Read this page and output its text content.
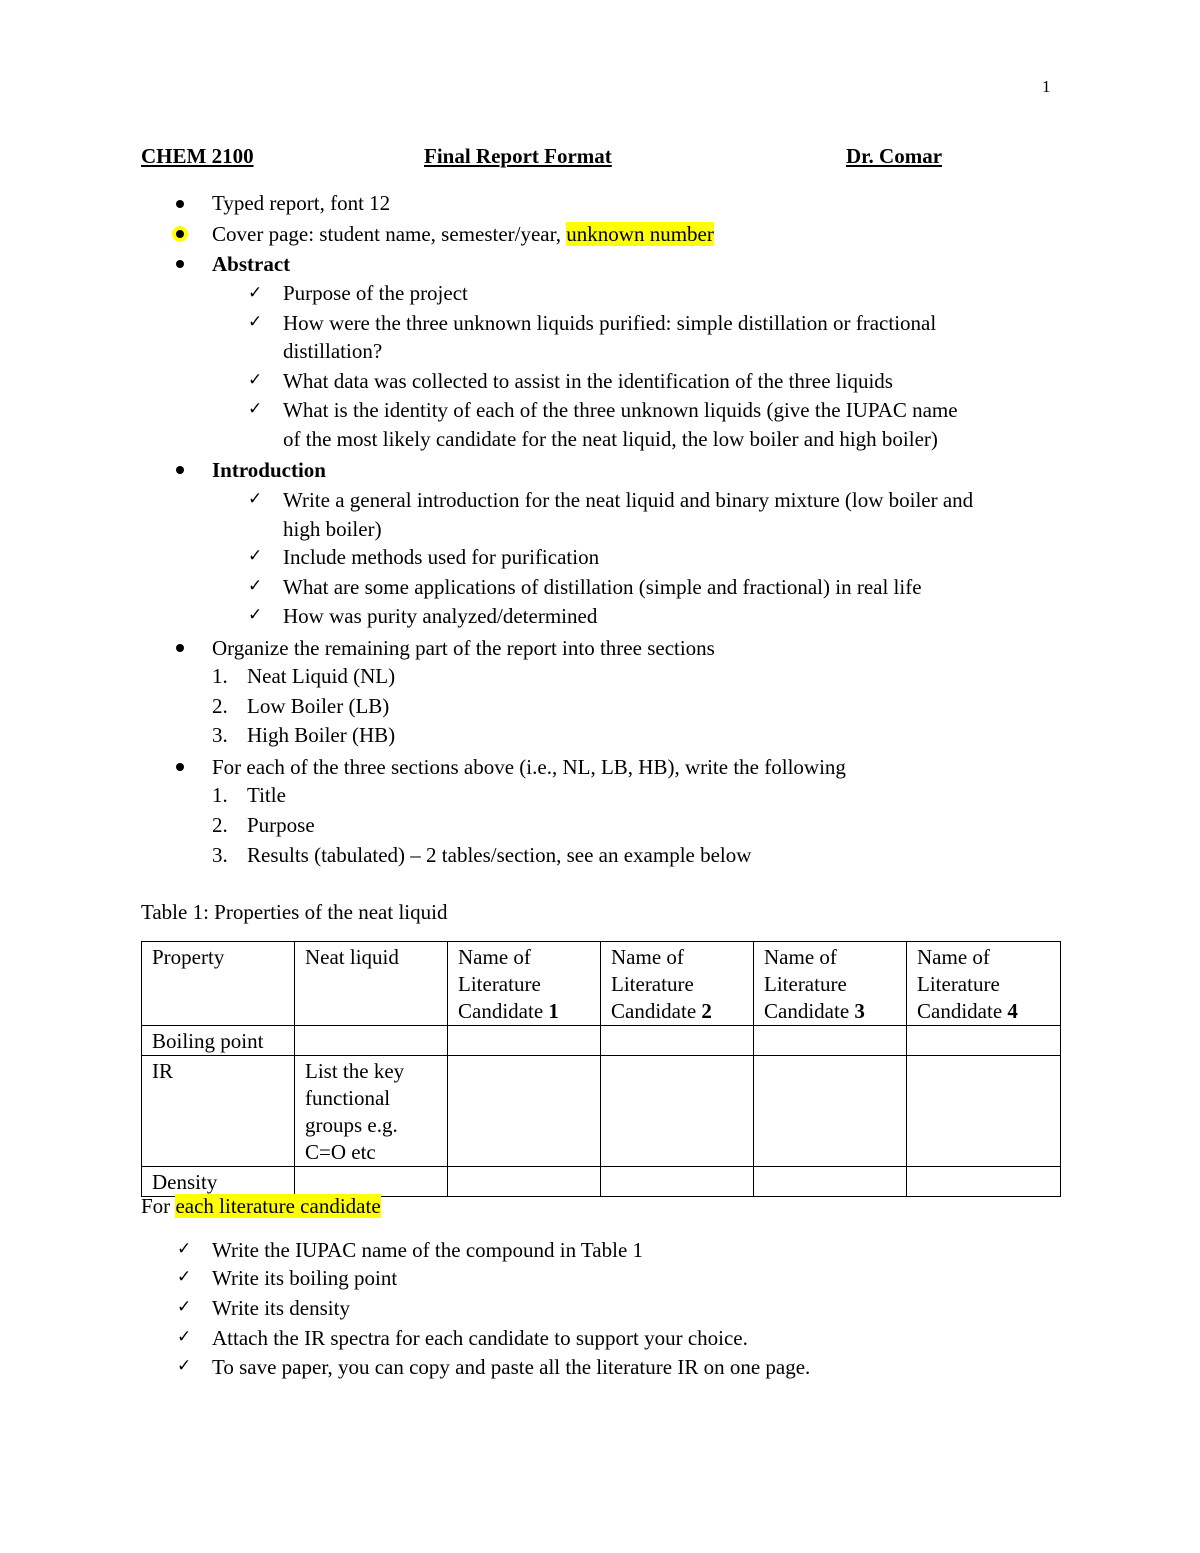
1
CHEM 2100	Final Report Format	Dr. Comar
Typed report, font 12
Cover page: student name, semester/year, unknown number
Abstract
✓ Purpose of the project
✓ How were the three unknown liquids purified: simple distillation or fractional
distillation?
✓ What data was collected to assist in the identification of the three liquids
✓ What is the identity of each of the three unknown liquids (give the IUPAC name
of the most likely candidate for the neat liquid, the low boiler and high boiler)
Introduction
✓ Write a general introduction for the neat liquid and binary mixture (low boiler and
high boiler)
✓ Include methods used for purification
✓ What are some applications of distillation (simple and fractional) in real life
✓ How was purity analyzed/determined
Organize the remaining part of the report into three sections
1. Neat Liquid (NL)
2. Low Boiler (LB)
3. High Boiler (HB)
For each of the three sections above (i.e., NL, LB, HB), write the following
1. Title
2. Purpose
3. Results (tabulated) – 2 tables/section, see an example below
Table 1: Properties of the neat liquid
Property	Neat liquid	Name of Literature Candidate 1	Name of Literature Candidate 2	Name of Literature Candidate 3	Name of Literature Candidate 4
Boiling point					
IR	List the key functional groups e.g. C=O etc				
Density					
For each literature candidate
✓ Write the IUPAC name of the compound in Table 1
✓ Write its boiling point
✓ Write its density
✓ Attach the IR spectra for each candidate to support your choice.
✓ To save paper, you can copy and paste all the literature IR on one page.
